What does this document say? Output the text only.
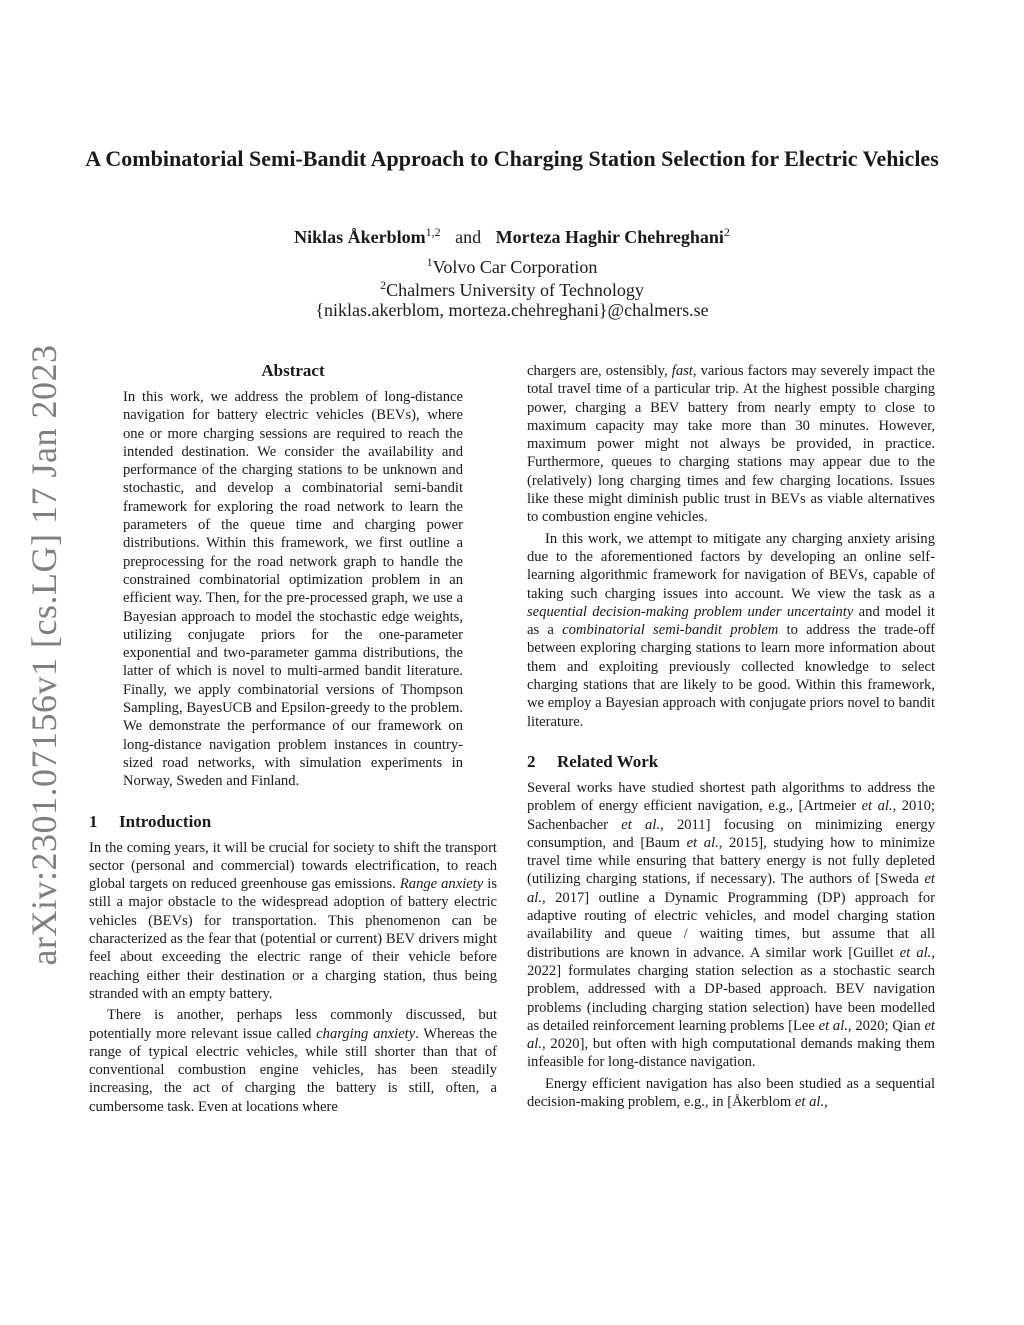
arXiv:2301.07156v1 [cs.LG] 17 Jan 2023
A Combinatorial Semi-Bandit Approach to Charging Station Selection for Electric Vehicles
Niklas Åkerblom$^{1,2}$ and Morteza Haghir Chehreghani$^2$
$^1$Volvo Car Corporation
$^2$Chalmers University of Technology
{niklas.akerblom, morteza.chehreghani}@chalmers.se
Abstract
In this work, we address the problem of long-distance navigation for battery electric vehicles (BEVs), where one or more charging sessions are required to reach the intended destination. We consider the availability and performance of the charging stations to be unknown and stochastic, and develop a combinatorial semi-bandit framework for exploring the road network to learn the parameters of the queue time and charging power distributions. Within this framework, we first outline a preprocessing for the road network graph to handle the constrained combinatorial optimization problem in an efficient way. Then, for the pre-processed graph, we use a Bayesian approach to model the stochastic edge weights, utilizing conjugate priors for the one-parameter exponential and two-parameter gamma distributions, the latter of which is novel to multi-armed bandit literature. Finally, we apply combinatorial versions of Thompson Sampling, BayesUCB and Epsilon-greedy to the problem. We demonstrate the performance of our framework on long-distance navigation problem instances in country-sized road networks, with simulation experiments in Norway, Sweden and Finland.
1 Introduction

In the coming years, it will be crucial for society to shift the transport sector (personal and commercial) towards electrification, to reach global targets on reduced greenhouse gas emissions. Range anxiety is still a major obstacle to the widespread adoption of battery electric vehicles (BEVs) for transportation. This phenomenon can be characterized as the fear that (potential or current) BEV drivers might feel about exceeding the electric range of their vehicle before reaching either their destination or a charging station, thus being stranded with an empty battery.

There is another, perhaps less commonly discussed, but potentially more relevant issue called charging anxiety. Whereas the range of typical electric vehicles, while still shorter than that of conventional combustion engine vehicles, has been steadily increasing, the act of charging the battery is still, often, a cumbersome task. Even at locations where

chargers are, ostensibly, fast, various factors may severely impact the total travel time of a particular trip. At the highest possible charging power, charging a BEV battery from nearly empty to close to maximum capacity may take more than 30 minutes. However, maximum power might not always be provided, in practice. Furthermore, queues to charging stations may appear due to the (relatively) long charging times and few charging locations. Issues like these might diminish public trust in BEVs as viable alternatives to combustion engine vehicles.

In this work, we attempt to mitigate any charging anxiety arising due to the aforementioned factors by developing an online self-learning algorithmic framework for navigation of BEVs, capable of taking such charging issues into account. We view the task as a sequential decision-making problem under uncertainty and model it as a combinatorial semi-bandit problem to address the trade-off between exploring charging stations to learn more information about them and exploiting previously collected knowledge to select charging stations that are likely to be good. Within this framework, we employ a Bayesian approach with conjugate priors novel to bandit literature.

2 Related Work

Several works have studied shortest path algorithms to address the problem of energy efficient navigation, e.g., [Artmeier et al., 2010; Sachenbacher et al., 2011] focusing on minimizing energy consumption, and [Baum et al., 2015], studying how to minimize travel time while ensuring that battery energy is not fully depleted (utilizing charging stations, if necessary). The authors of [Sweda et al., 2017] outline a Dynamic Programming (DP) approach for adaptive routing of electric vehicles, and model charging station availability and queue / waiting times, but assume that all distributions are known in advance. A similar work [Guillet et al., 2022] formulates charging station selection as a stochastic search problem, addressed with a DP-based approach. BEV navigation problems (including charging station selection) have been modelled as detailed reinforcement learning problems [Lee et al., 2020; Qian et al., 2020], but often with high computational demands making them infeasible for long-distance navigation.

Energy efficient navigation has also been studied as a sequential decision-making problem, e.g., in [Åkerblom et al.,
